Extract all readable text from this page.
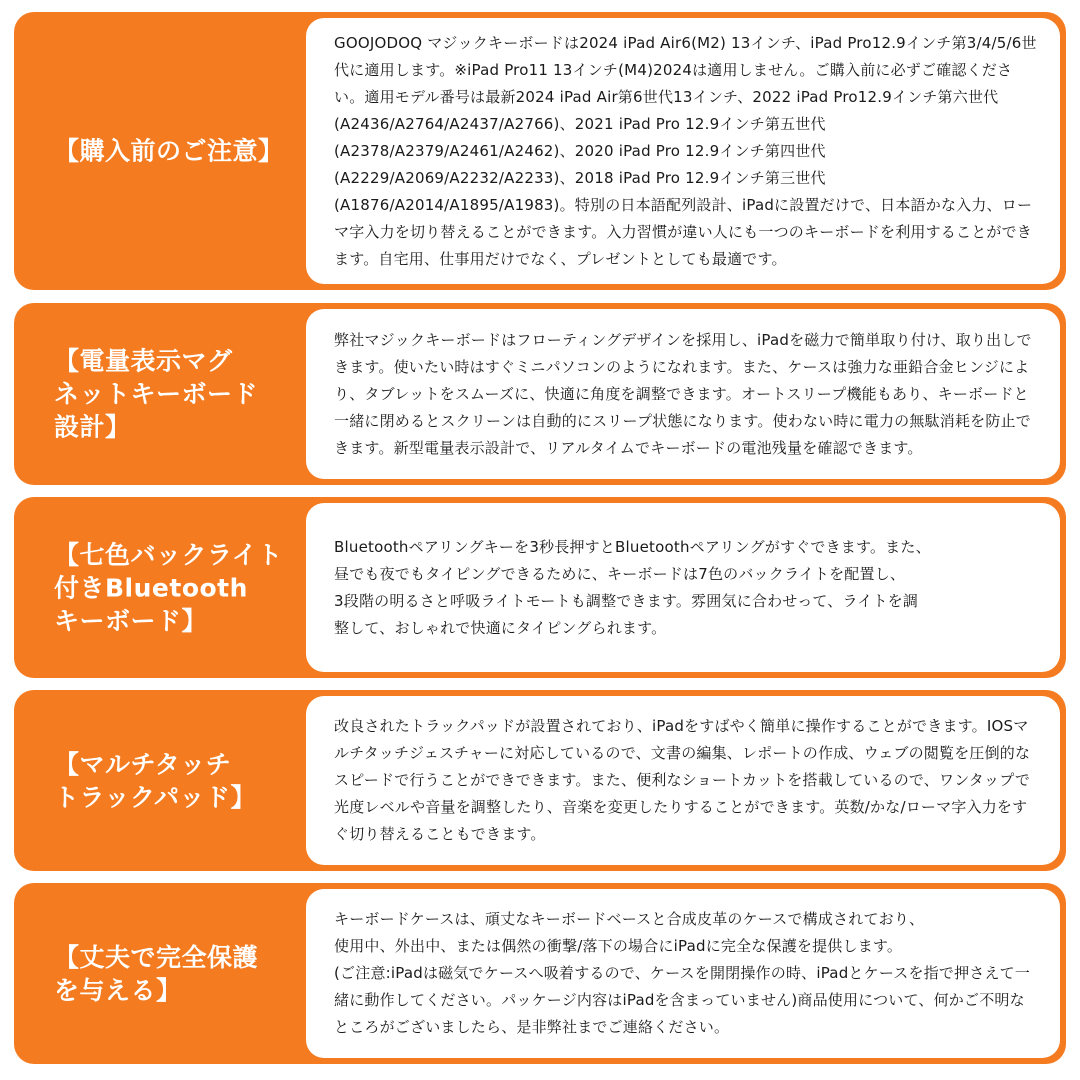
【購入前のご注意】
GOOJODOQ マジックキーボードは2024 iPad Air6(M2) 13インチ、iPad Pro12.9インチ第3/4/5/6世代に適用します。※iPad Pro11 13インチ(M4)2024は適用しません。ご購入前に必ずご確認ください。適用モデル番号は最新2024 iPad Air第6世代13インチ、2022 iPad Pro12.9インチ第六世代(A2436/A2764/A2437/A2766)、2021 iPad Pro 12.9インチ第五世代(A2378/A2379/A2461/A2462)、2020 iPad Pro 12.9インチ第四世代(A2229/A2069/A2232/A2233)、2018 iPad Pro 12.9インチ第三世代(A1876/A2014/A1895/A1983)。特別の日本語配列設計、iPadに設置だけで、日本語かな入力、ローマ字入力を切り替えることができます。入力習慣が違い人にも一つのキーボードを利用することができます。自宅用、仕事用だけでなく、プレゼントとしても最適です。
【電量表示マグ
ネットキーボード
設計】
弊社マジックキーボードはフローティングデザインを採用し、iPadを磁力で簡単取り付け、取り出しできます。使いたい時はすぐミニパソコンのようになれます。また、ケースは強力な亜鉛合金ヒンジにより、タブレットをスムーズに、快適に角度を調整できます。オートスリープ機能もあり、キーボードと一緒に閉めるとスクリーンは自動的にスリープ状態になります。使わない時に電力の無駄消耗を防止できます。新型電量表示設計で、リアルタイムでキーボードの電池残量を確認できます。
【七色バックライト
付きBluetooth
キーボード】
Bluetoothペアリングキーを3秒長押すとBluetoothペアリングがすぐできます。また、
昼でも夜でもタイピングできるために、キーボードは7色のバックライトを配置し、
3段階の明るさと呼吸ライトモートも調整できます。雰囲気に合わせって、ライトを調
整して、おしゃれで快適にタイピングられます。
【マルチタッチ
トラックパッド】
改良されたトラックパッドが設置されており、iPadをすばやく簡単に操作することができます。IOSマルチタッチジェスチャーに対応しているので、文書の編集、レポートの作成、ウェブの閲覧を圧倒的なスピードで行うことができできます。また、便利なショートカットを搭載しているので、ワンタップで光度レベルや音量を調整したり、音楽を変更したりすることができます。英数/かな/ローマ字入力をすぐ切り替えることもできます。
【丈夫で完全保護
を与える】
キーボードケースは、頑丈なキーボードベースと合成皮革のケースで構成されており、
使用中、外出中、または偶然の衝撃/落下の場合にiPadに完全な保護を提供します。
(ご注意:iPadは磁気でケースへ吸着するので、ケースを開閉操作の時、iPadとケースを指で押さえて一緒に動作してください。パッケージ内容はiPadを含まっていません)商品使用について、何かご不明なところがございましたら、是非弊社までご連絡ください。
